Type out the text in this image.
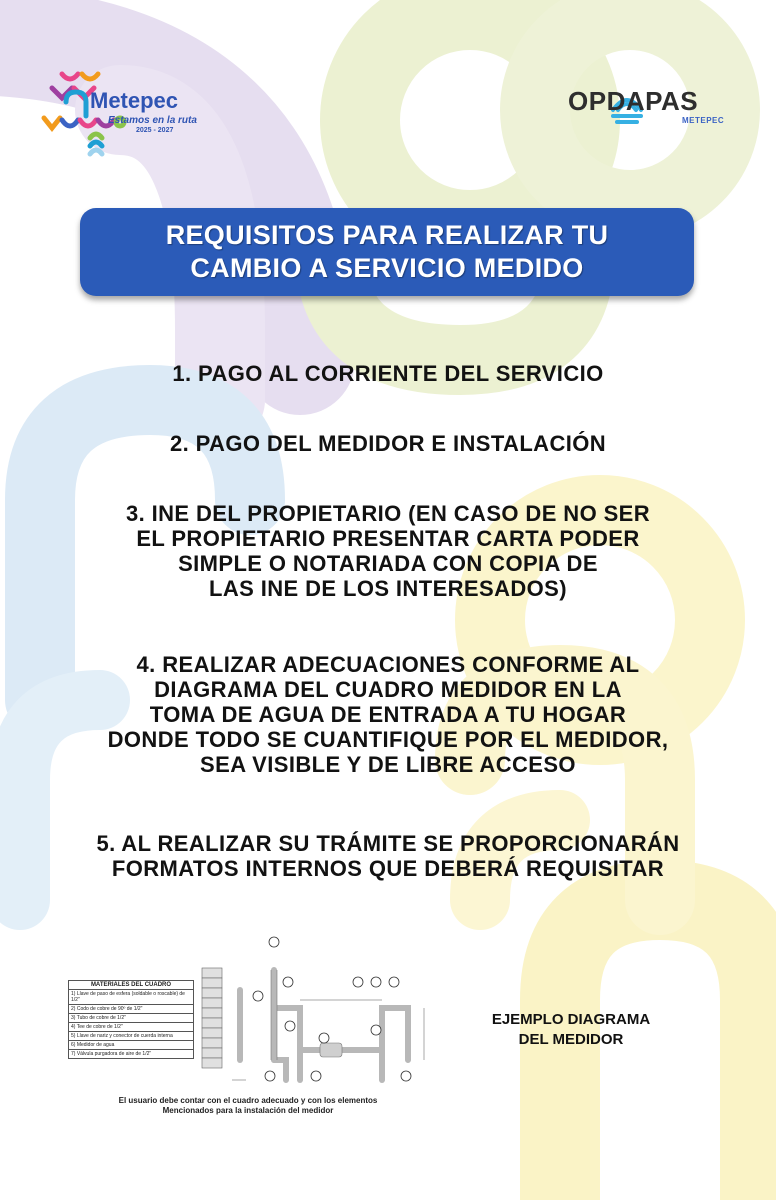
Metepec
Estamos en la ruta
2025 - 2027
OPDAPAS
METEPEC
REQUISITOS PARA REALIZAR TU
CAMBIO A SERVICIO MEDIDO
1. PAGO AL CORRIENTE DEL SERVICIO
2. PAGO DEL MEDIDOR E INSTALACIÓN
3. INE DEL PROPIETARIO (EN CASO DE NO SER
EL PROPIETARIO PRESENTAR CARTA PODER
SIMPLE O NOTARIADA CON COPIA DE
LAS INE DE LOS INTERESADOS)
4. REALIZAR ADECUACIONES CONFORME AL
DIAGRAMA DEL CUADRO MEDIDOR EN LA
TOMA DE AGUA DE ENTRADA A TU HOGAR
DONDE TODO SE CUANTIFIQUE POR EL MEDIDOR,
SEA VISIBLE Y DE LIBRE ACCESO
5. AL REALIZAR SU TRÁMITE SE PROPORCIONARÁN
FORMATOS INTERNOS QUE DEBERÁ REQUISITAR
MATERIALES DEL CUADRO
1) Llave de paso de esfera (soldable o roscable) de 1/2"
2) Codo de cobre de 90º de 1/2"
3) Tubo de cobre de 1/2"
4) Tee de cobre de 1/2"
5) Llave de nariz y conector de cuerda interna
6) Medidor de agua
7) Válvula purgadora de aire de 1/2"
El usuario debe contar con el cuadro adecuado y con los elementos
Mencionados para la instalación del medidor
EJEMPLO DIAGRAMA
DEL MEDIDOR
